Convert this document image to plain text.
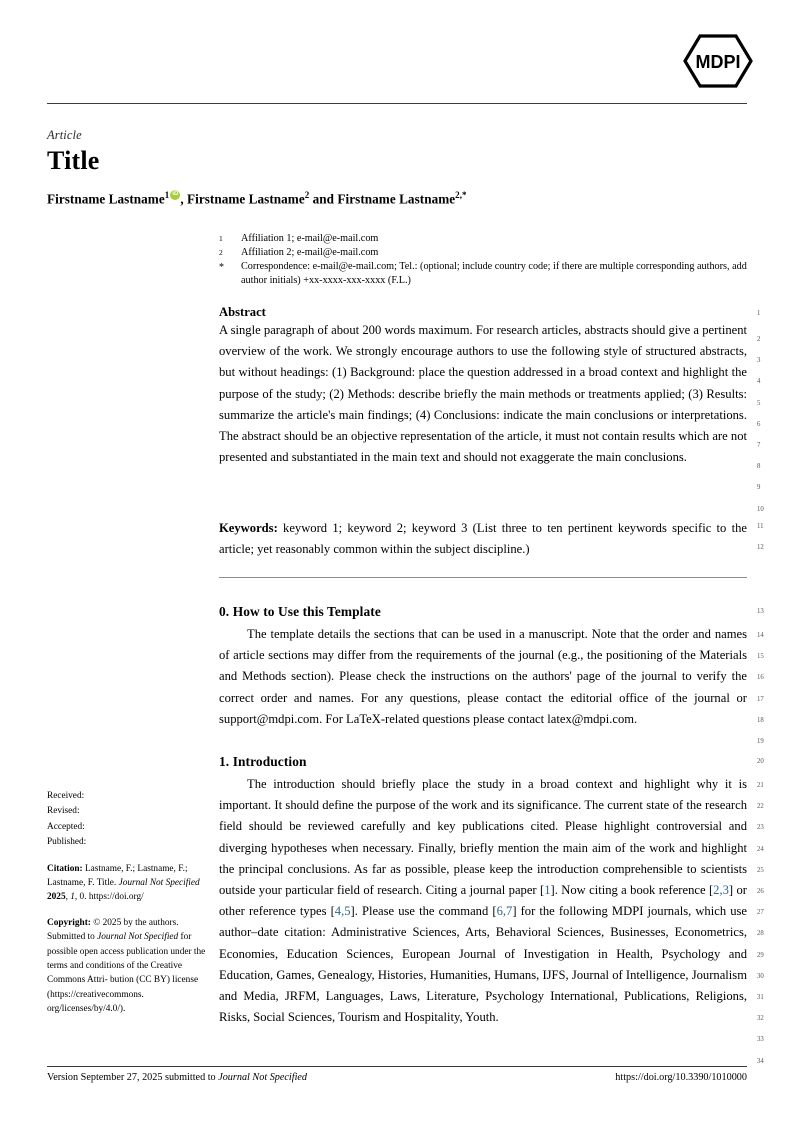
MDPI
Article
Title
Firstname Lastname$^1$ iD , Firstname Lastname$^2$ and Firstname Lastname$^{2,*}$
1	Affiliation 1; e-mail@e-mail.com
2	Affiliation 2; e-mail@e-mail.com
*	Correspondence: e-mail@e-mail.com; Tel.: (optional; include country code; if there are multiple corresponding authors, add author initials) +xx-xxxx-xxx-xxxx (F.L.)
Abstract

A single paragraph of about 200 words maximum. For research articles, abstracts should give a pertinent overview of the work. We strongly encourage authors to use the following style of structured abstracts, but without headings: (1) Background: place the question addressed in a broad context and highlight the purpose of the study; (2) Methods: describe briefly the main methods or treatments applied; (3) Results: summarize the article's main findings; (4) Conclusions: indicate the main conclusions or interpretations. The abstract should be an objective representation of the article, it must not contain results which are not presented and substantiated in the main text and should not exaggerate the main conclusions.

Keywords: keyword 1; keyword 2; keyword 3 (List three to ten pertinent keywords specific to the article; yet reasonably common within the subject discipline.)

0. How to Use this Template

The template details the sections that can be used in a manuscript. Note that the order and names of article sections may differ from the requirements of the journal (e.g., the positioning of the Materials and Methods section). Please check the instructions on the authors' page of the journal to verify the correct order and names. For any questions, please contact the editorial office of the journal or support@mdpi.com. For LaTeX-related questions please contact latex@mdpi.com.

1. Introduction

The introduction should briefly place the study in a broad context and highlight why it is important. It should define the purpose of the work and its significance. The current state of the research field should be reviewed carefully and key publications cited. Please highlight controversial and diverging hypotheses when necessary. Finally, briefly mention the main aim of the work and highlight the principal conclusions. As far as possible, please keep the introduction comprehensible to scientists outside your particular field of research. Citing a journal paper [1]. Now citing a book reference [2,3] or other reference types [4,5]. Please use the command [6,7] for the following MDPI journals, which use author–date citation: Administrative Sciences, Arts, Behavioral Sciences, Businesses, Econometrics, Economies, Education Sciences, European Journal of Investigation in Health, Psychology and Education, Games, Genealogy, Histories, Humanities, Humans, IJFS, Journal of Intelligence, Journalism and Media, JRFM, Languages, Laws, Literature, Psychology International, Publications, Religions, Risks, Social Sciences, Tourism and Hospitality, Youth.

1
2
3
4
5
6
7
8
9
10
11
12
13
14
15
16
17
18
19
20
21
22
23
24
25
26
27
28
29
30
31
32
33
34
Received:
Revised:
Accepted:
Published:
Citation: Lastname, F.; Lastname, F.; Lastname, F. Title. Journal Not Specified 2025, 1, 0. https://doi.org/
Copyright: © 2025 by the authors. Submitted to Journal Not Specified for possible open access publication under the terms and conditions of the Creative Commons Attri- bution (CC BY) license (https://creativecommons. org/licenses/by/4.0/).
Version September 27, 2025 submitted to Journal Not Specified	https://doi.org/10.3390/1010000
